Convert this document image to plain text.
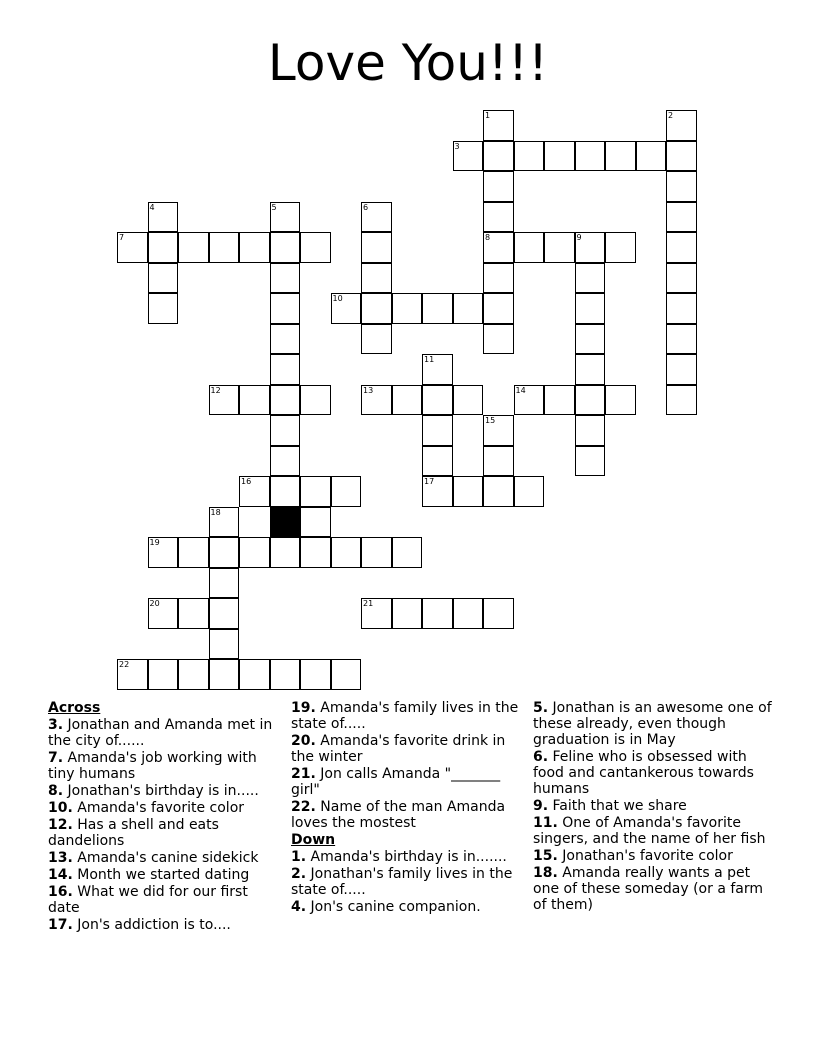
Love You!!!
1
8
2
3
4	5	6
7	9
10
11
17
12	13	14
15
16
18
19
20	21
22
Across
3. Jonathan and Amanda met in the city of......
7. Amanda's job working with tiny humans
8. Jonathan's birthday is in.....
10. Amanda's favorite color
12. Has a shell and eats dandelions
13. Amanda's canine sidekick
14. Month we started dating
16. What we did for our first date
17. Jon's addiction is to....
19. Amanda's family lives in the state of.....
20. Amanda's favorite drink in the winter
21. Jon calls Amanda "_______ girl"
22. Name of the man Amanda loves the mostest
Down
1. Amanda's birthday is in.......
2. Jonathan's family lives in the state of.....
4. Jon's canine companion.
5. Jonathan is an awesome one of these already, even though graduation is in May
6. Feline who is obsessed with food and cantankerous towards humans
9. Faith that we share
11. One of Amanda's favorite singers, and the name of her fish
15. Jonathan's favorite color
18. Amanda really wants a pet one of these someday (or a farm of them)
